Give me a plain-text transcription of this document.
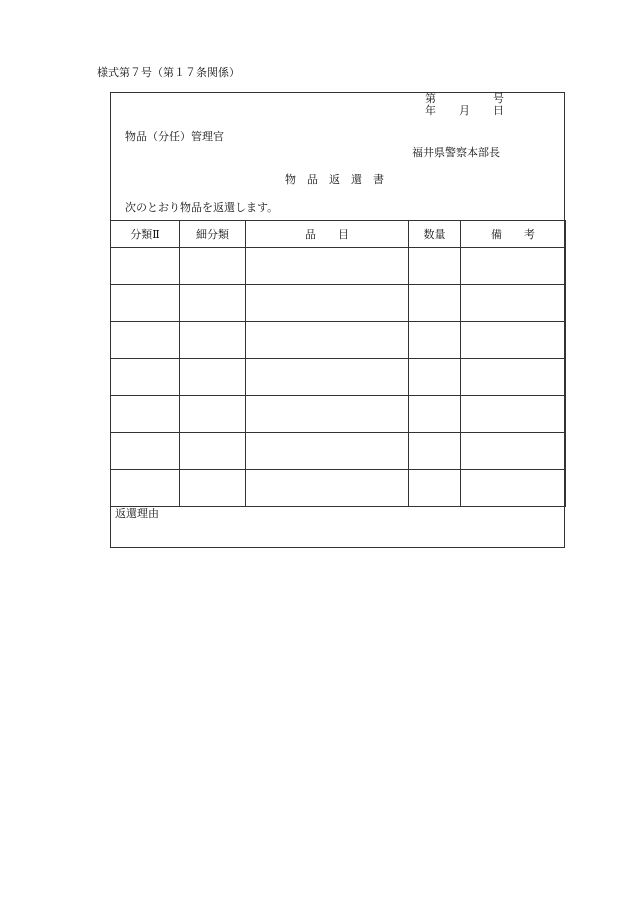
様式第７号（第１７条関係）
第	号
年 月 日
物品（分任）管理官
福井県警察本部長
物　品　返　還　書
次のとおり物品を返還します。
分類Ⅱ	細分類	品　　目	数量	備　　考

返還理由
